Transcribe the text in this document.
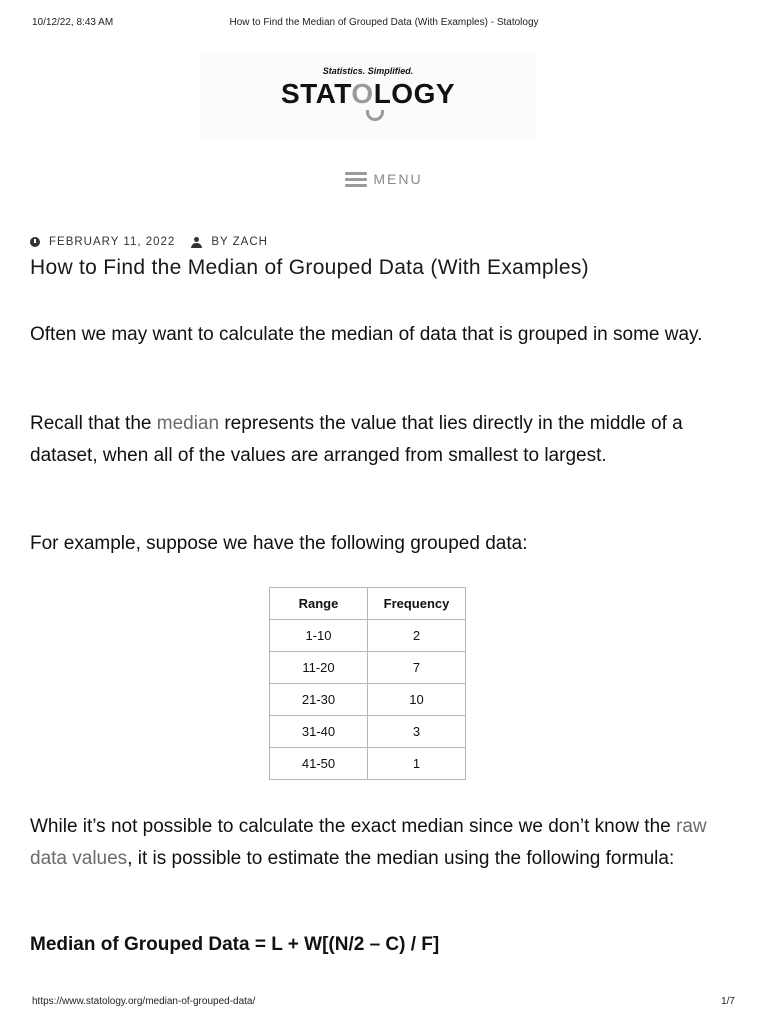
10/12/22, 8:43 AM	How to Find the Median of Grouped Data (With Examples) - Statology
Statistics. Simplified.
STATOLOGY
MENU
FEBRUARY 11, 2022	BY ZACH
How to Find the Median of Grouped Data (With Examples)

Often we may want to calculate the median of data that is grouped in some way.

Recall that the median represents the value that lies directly in the middle of a dataset, when all of the values are arranged from smallest to largest.

For example, suppose we have the following grouped data:

Range	Frequency
1-10	2
11-20	7
21-30	10
31-40	3
41-50	1

While it’s not possible to calculate the exact median since we don’t know the raw data values, it is possible to estimate the median using the following formula:

Median of Grouped Data = L + W[(N/2 – C) / F]
https://www.statology.org/median-of-grouped-data/	1/7
